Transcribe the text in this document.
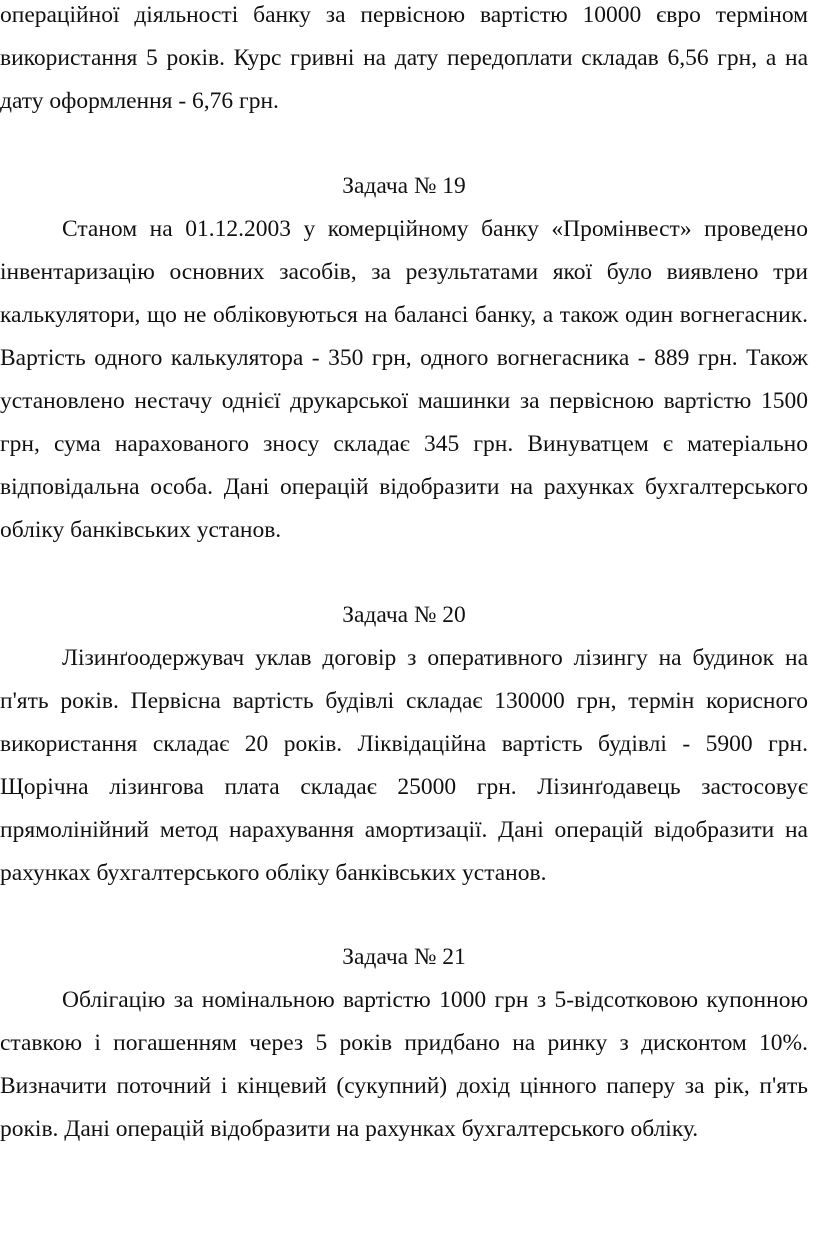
операційної діяльності банку за первісною вартістю 10000 євро терміном використання 5 років. Курс гривні на дату передоплати складав 6,56 грн, а на дату оформлення - 6,76 грн.

Задача № 19

Станом на 01.12.2003 у комерційному банку «Промінвест» проведено інвентаризацію основних засобів, за результатами якої було виявлено три калькулятори, що не обліковуються на балансі банку, а також один вогнегасник. Вартість одного калькулятора - 350 грн, одного вогнегасника - 889 грн. Також установлено нестачу однієї друкарської машинки за первісною вартістю 1500 грн, сума нарахованого зносу складає 345 грн. Винуватцем є матеріально відповідальна особа. Дані операцій відобразити на рахунках бухгалтерського обліку банківських установ.

Задача № 20

Лізинґоодержувач уклав договір з оперативного лізингу на будинок на п'ять років. Первісна вартість будівлі складає 130000 грн, термін корисного використання складає 20 років. Ліквідаційна вартість будівлі - 5900 грн. Щорічна лізингова плата складає 25000 грн. Лізинґодавець застосовує прямолінійний метод нарахування амортизації. Дані операцій відобразити на рахунках бухгалтерського обліку банківських установ.

Задача № 21

Облігацію за номінальною вартістю 1000 грн з 5-відсотковою купонною ставкою і погашенням через 5 років придбано на ринку з дисконтом 10%. Визначити поточний і кінцевий (сукупний) дохід цінного паперу за рік, п'ять років. Дані операцій відобразити на рахунках бухгалтерського обліку.
